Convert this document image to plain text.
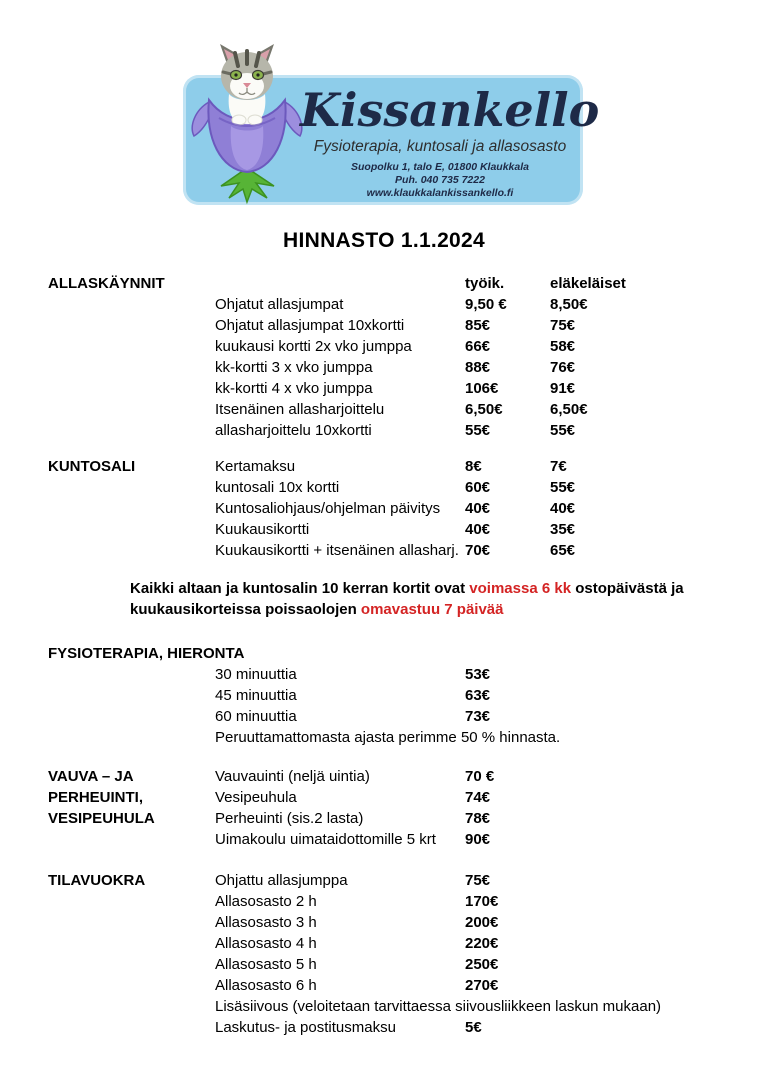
Kissankello
Fysioterapia, kuntosali ja allasosasto
Suopolku 1, talo E, 01800 Klaukkala
Puh. 040 735 7222
www.klaukkalankissankello.fi
HINNASTO 1.1.2024
ALLASKÄYNNIT	työik.	eläkeläiset
Ohjatut allasjumpat	9,50 €	8,50€
Ohjatut allasjumpat 10xkortti	85€	75€
kuukausi kortti 2x vko jumppa	66€	58€
kk-kortti 3 x vko jumppa	88€	76€
kk-kortti 4 x vko jumppa	106€	91€
Itsenäinen allasharjoittelu	6,50€	6,50€
allasharjoittelu 10xkortti	55€	55€
KUNTOSALI	Kertamaksu	8€	7€
kuntosali 10x kortti	60€	55€
Kuntosaliohjaus/ohjelman päivitys	40€	40€
Kuukausikortti	40€	35€
Kuukausikortti + itsenäinen allasharj. 70€	65€

Kaikki altaan ja kuntosalin 10 kerran kortit ovat voimassa 6 kk ostopäivästä ja kuukausikorteissa poissaolojen omavastuu 7 päivää

FYSIOTERAPIA, HIERONTA
30 minuuttia	53€
45 minuuttia	63€
60 minuuttia	73€
Peruuttamattomasta ajasta perimme 50 % hinnasta.
VAUVA – JA	Vauvauinti (neljä uintia)	70 €
PERHEUINTI,	Vesipeuhula	74€
VESIPEUHULA	Perheuinti (sis.2 lasta)	78€
Uimakoulu uimataidottomille 5 krt	90€
TILAVUOKRA	Ohjattu allasjumppa	75€
Allasosasto 2 h	170€
Allasosasto 3 h	200€
Allasosasto 4 h	220€
Allasosasto 5 h	250€
Allasosasto 6 h	270€
Lisäsiivous (veloitetaan tarvittaessa siivousliikkeen laskun mukaan)
Laskutus- ja postitusmaksu	5€
